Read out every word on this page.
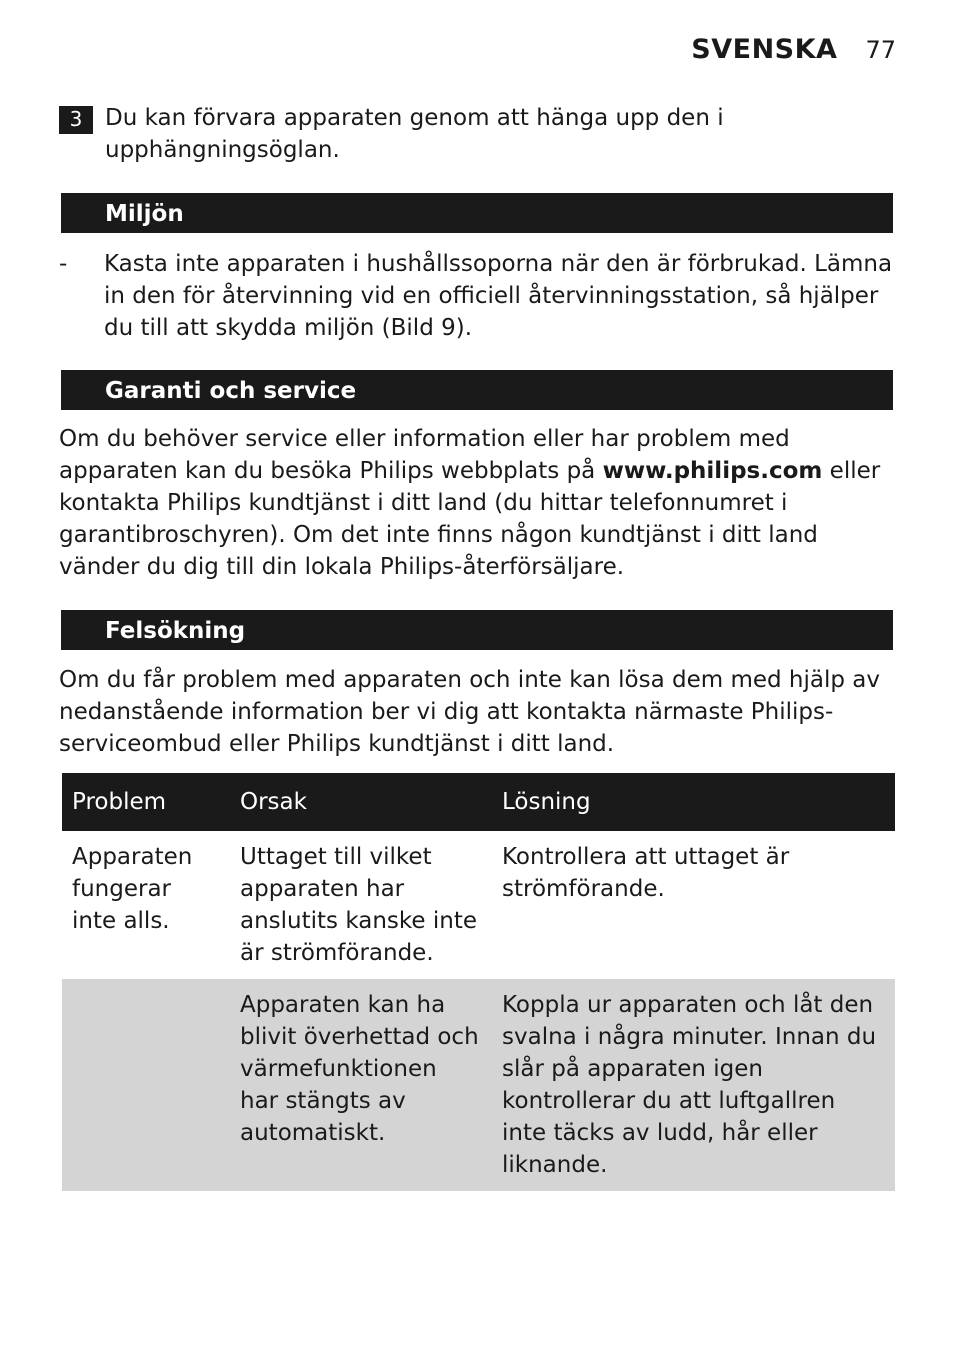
SVENSKA 77
3 Du kan förvara apparaten genom att hänga upp den i upphängningsöglan.

Miljön
-	Kasta inte apparaten i hushållssoporna när den är förbrukad. Lämna in den för återvinning vid en officiell återvinningsstation, så hjälper du till att skydda miljön (Bild 9).

Garanti och service

Om du behöver service eller information eller har problem med apparaten kan du besöka Philips webbplats på www.philips.com eller kontakta Philips kundtjänst i ditt land (du hittar telefonnumret i garantibroschyren). Om det inte finns någon kundtjänst i ditt land vänder du dig till din lokala Philips-återförsäljare.

Felsökning

Om du får problem med apparaten och inte kan lösa dem med hjälp av nedanstående information ber vi dig att kontakta närmaste Philips-serviceombud eller Philips kundtjänst i ditt land.

Problem	Orsak	Lösning
Apparaten fungerar inte alls.	Uttaget till vilket apparaten har anslutits kanske inte är strömförande.	Kontrollera att uttaget är strömförande.
	Apparaten kan ha blivit överhettad och värmefunktionen har stängts av automatiskt.	Koppla ur apparaten och låt den svalna i några minuter. Innan du slår på apparaten igen kontrollerar du att luftgallren inte täcks av ludd, hår eller liknande.
